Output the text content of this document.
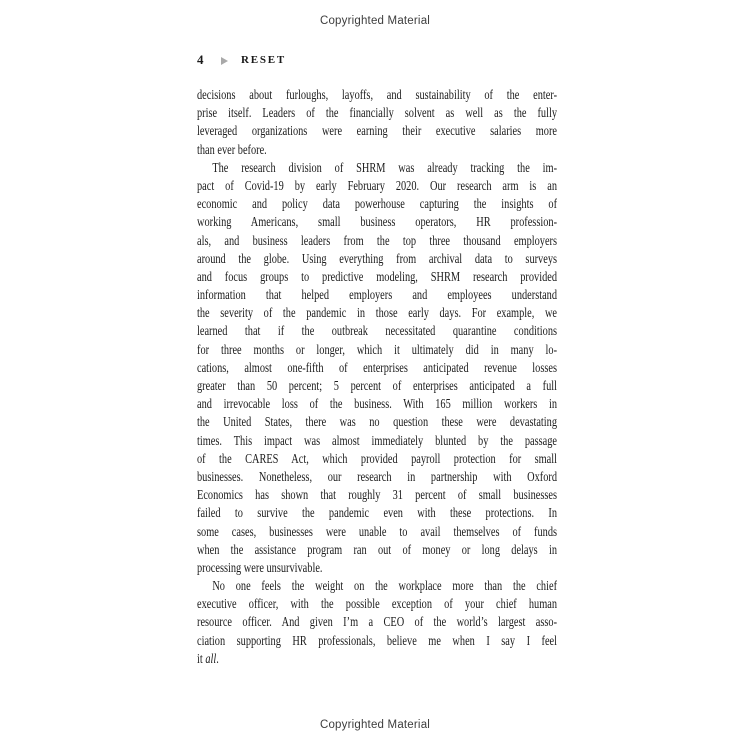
Copyrighted Material
4	RESET
decisions about furloughs, layoffs, and sustainability of the enter-
prise itself. Leaders of the financially solvent as well as the fully
leveraged organizations were earning their executive salaries more
than ever before.
The research division of SHRM was already tracking the im-
pact of Covid-19 by early February 2020. Our research arm is an
economic and policy data powerhouse capturing the insights of
working Americans, small business operators, HR profession-
als, and business leaders from the top three thousand employers
around the globe. Using everything from archival data to surveys
and focus groups to predictive modeling, SHRM research provided
information that helped employers and employees understand
the severity of the pandemic in those early days. For example, we
learned that if the outbreak necessitated quarantine conditions
for three months or longer, which it ultimately did in many lo-
cations, almost one-fifth of enterprises anticipated revenue losses
greater than 50 percent; 5 percent of enterprises anticipated a full
and irrevocable loss of the business. With 165 million workers in
the United States, there was no question these were devastating
times. This impact was almost immediately blunted by the passage
of the CARES Act, which provided payroll protection for small
businesses. Nonetheless, our research in partnership with Oxford
Economics has shown that roughly 31 percent of small businesses
failed to survive the pandemic even with these protections. In
some cases, businesses were unable to avail themselves of funds
when the assistance program ran out of money or long delays in
processing were unsurvivable.
No one feels the weight on the workplace more than the chief
executive officer, with the possible exception of your chief human
resource officer. And given I’m a CEO of the world’s largest asso-
ciation supporting HR professionals, believe me when I say I feel
it all.
Copyrighted Material
